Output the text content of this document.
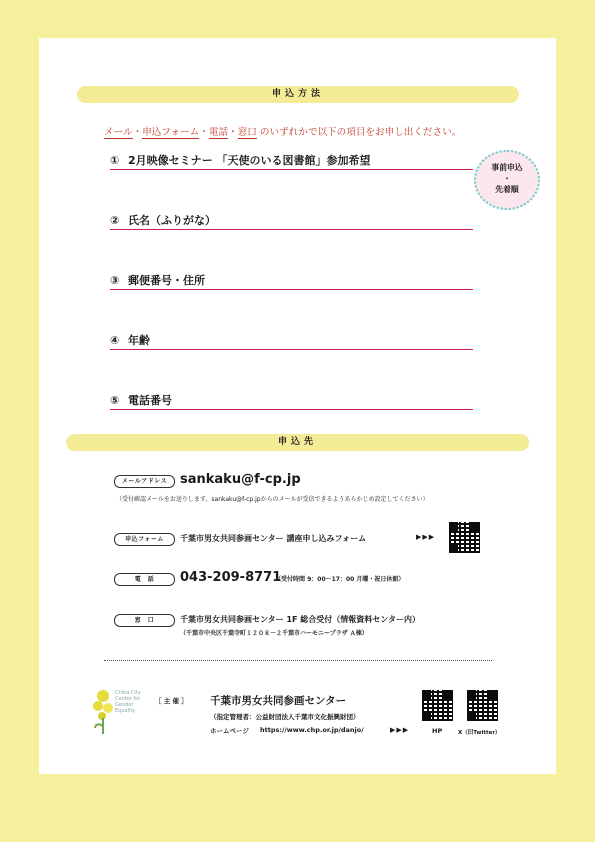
申込方法
メール・申込フォーム・電話・窓口 のいずれかで以下の項目をお申し出ください。
① 2月映像セミナー 「天使のいる図書館」参加希望
② 氏名（ふりがな）
③ 郵便番号・住所
④ 年齢
⑤ 電話番号
事前申込
・
先着順
申込先
メールアドレス sankaku@f-cp.jp
（受付確認メールをお送りします。sankaku@f-cp.jpからのメールが受信できるようあらかじめ設定してください）
申込フォーム	千葉市男女共同参画センター 講座申し込みフォーム	▶▶▶
電　話	043-209-8771
（受付時間 9：00～17：00 月曜・祝日休館）
窓　口	千葉市男女共同参画センター 1F 総合受付（情報資料センター内）
（千葉市中央区千葉寺町１２０８－２千葉市ハーモニープラザ Ａ棟）
Chiba City
Center for
Gender
Equality
［ 主 催 ］ 千葉市男女共同参画センター
（指定管理者：公益財団法人千葉市文化振興財団）
ホームページ https://www.chp.or.jp/danjo/	▶▶▶	HP	X（旧Twitter）
